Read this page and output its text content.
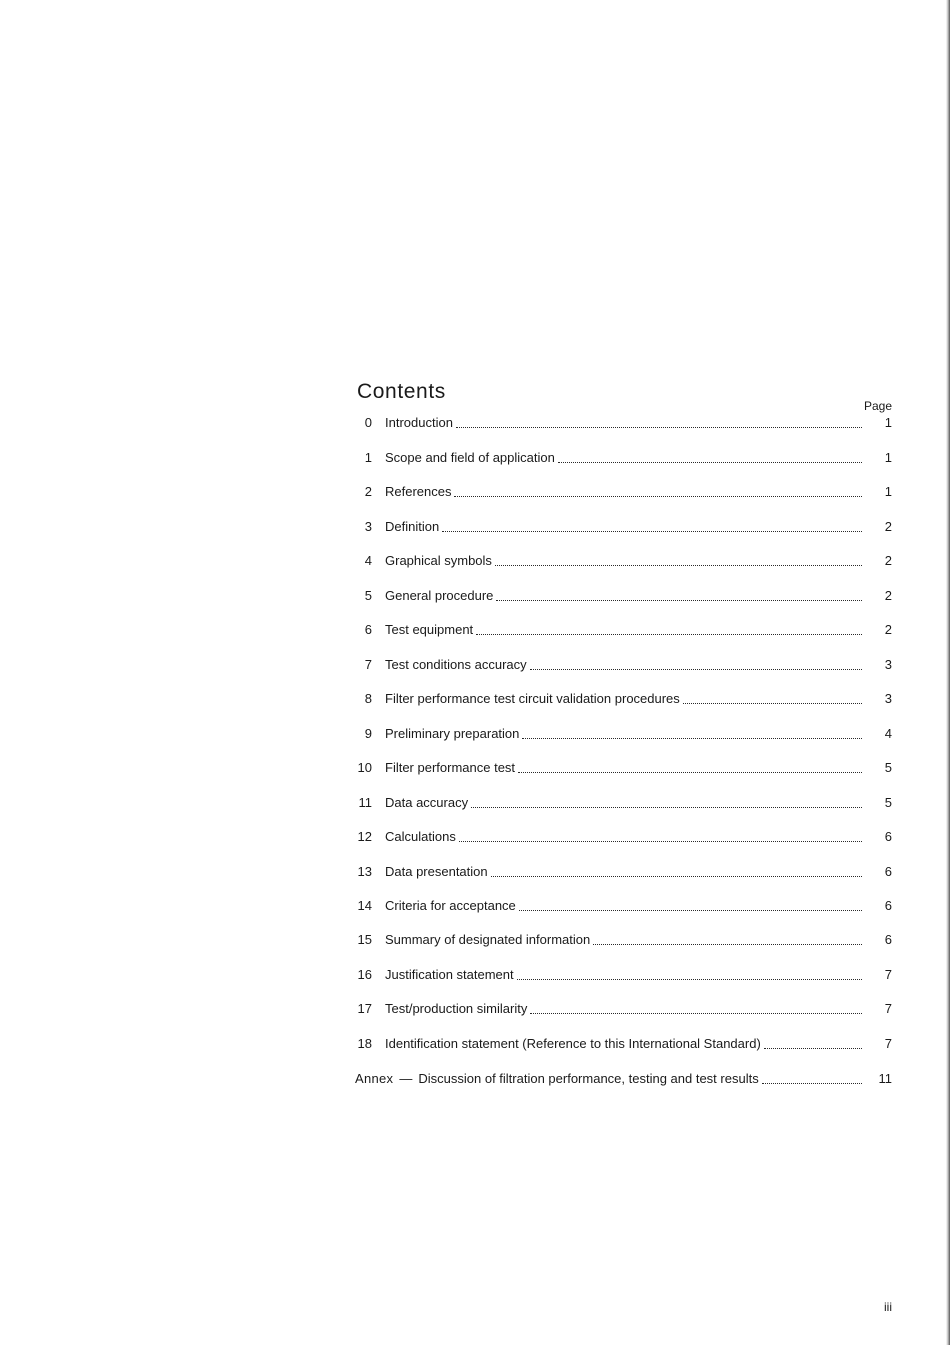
Contents
Page
0	Introduction	1
1	Scope and field of application	1
2	References	1
3	Definition	2
4	Graphical symbols	2
5	General procedure	2
6	Test equipment	2
7	Test conditions accuracy	3
8	Filter performance test circuit validation procedures	3
9	Preliminary preparation	4
10	Filter performance test	5
11	Data accuracy	5
12	Calculations	6
13	Data presentation	6
14	Criteria for acceptance	6
15	Summary of designated information	6
16	Justification statement	7
17	Test/production similarity	7
18	Identification statement (Reference to this International Standard)	7
Annex — Discussion of filtration performance, testing and test results	11
iii
